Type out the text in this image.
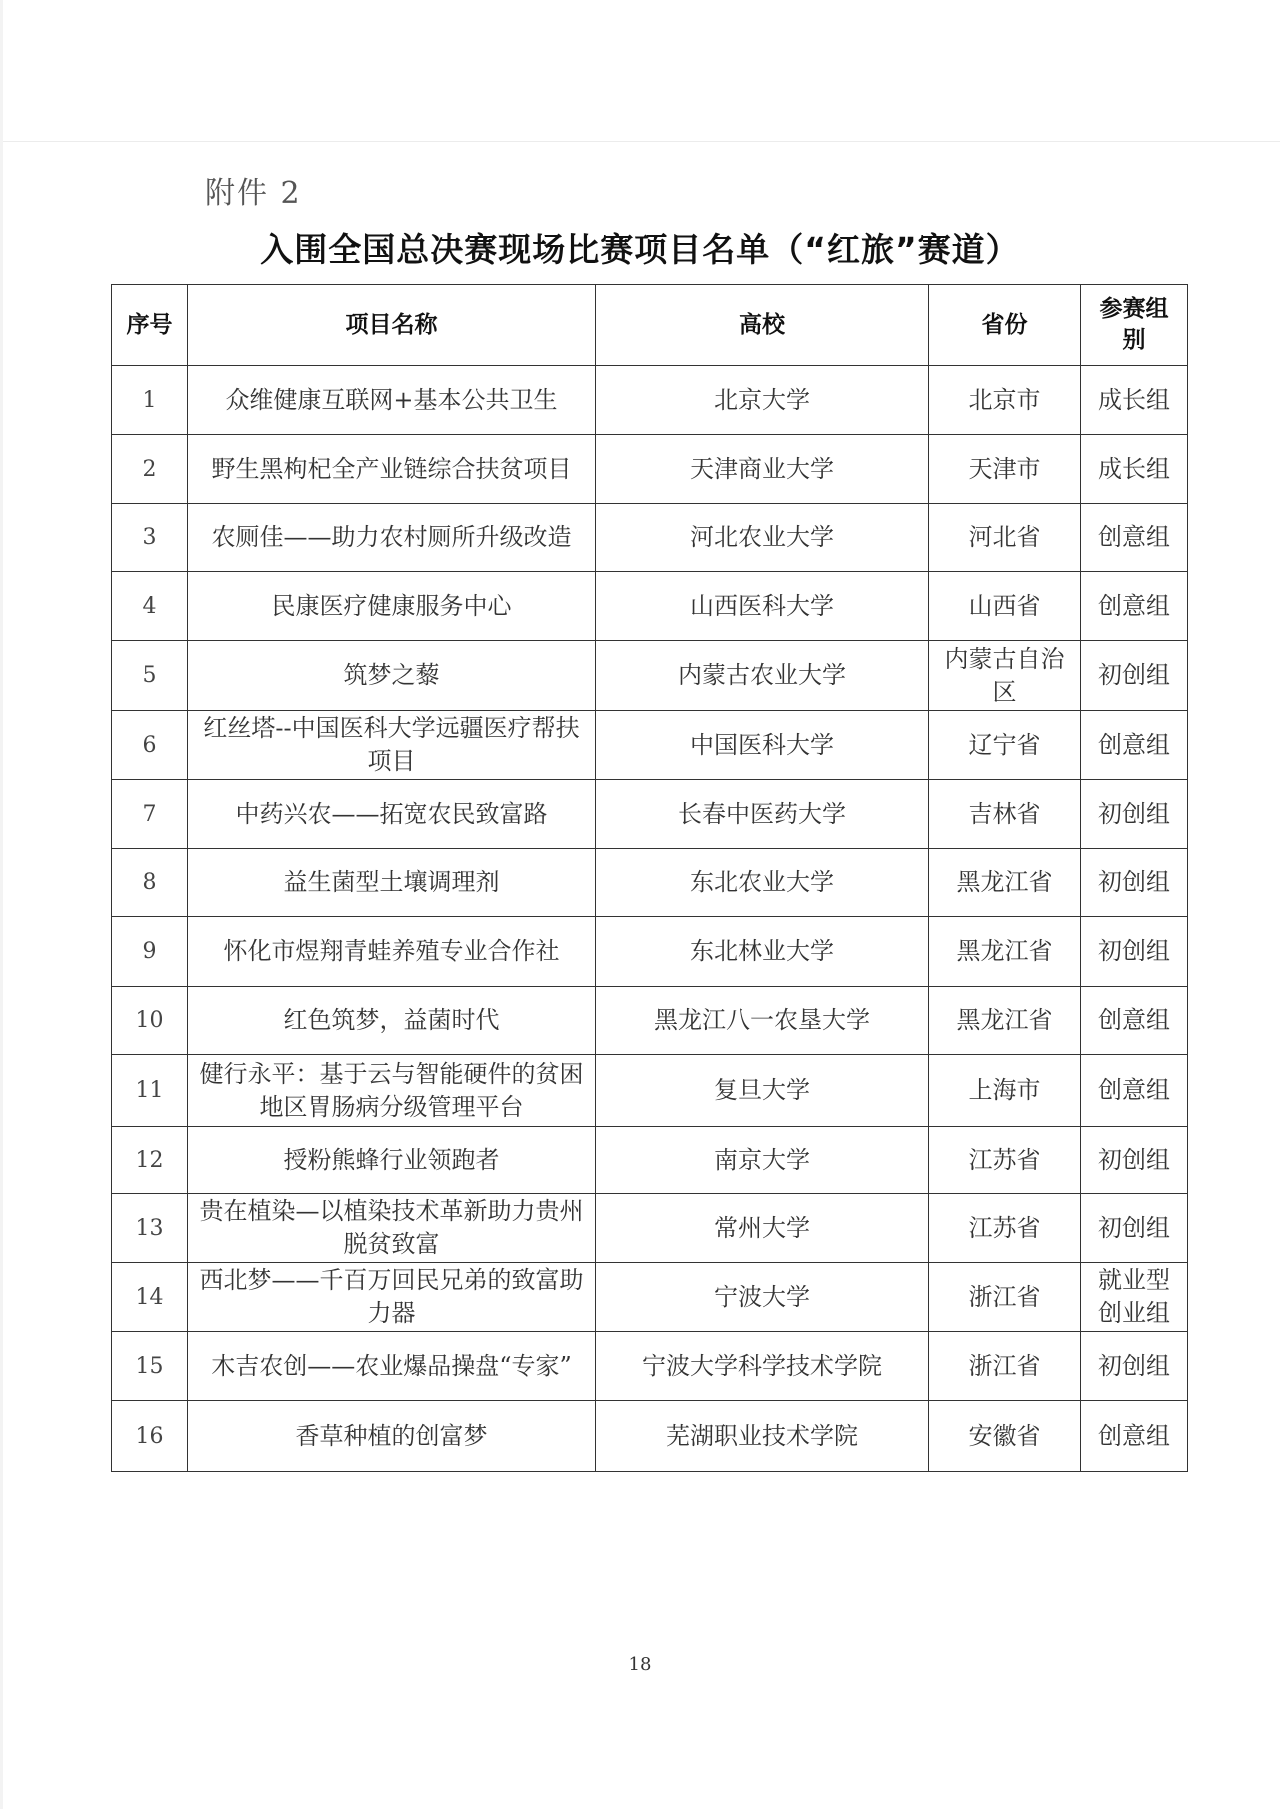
附件 2
入围全国总决赛现场比赛项目名单（“红旅”赛道）
序号	项目名称	高校	省份	参赛组别
1	众维健康互联网+基本公共卫生	北京大学	北京市	成长组
2	野生黑枸杞全产业链综合扶贫项目	天津商业大学	天津市	成长组
3	农厕佳——助力农村厕所升级改造	河北农业大学	河北省	创意组
4	民康医疗健康服务中心	山西医科大学	山西省	创意组
5	筑梦之藜	内蒙古农业大学	内蒙古自治区	初创组
6	红丝塔--中国医科大学远疆医疗帮扶项目	中国医科大学	辽宁省	创意组
7	中药兴农——拓宽农民致富路	长春中医药大学	吉林省	初创组
8	益生菌型土壤调理剂	东北农业大学	黑龙江省	初创组
9	怀化市煜翔青蛙养殖专业合作社	东北林业大学	黑龙江省	初创组
10	红色筑梦，益菌时代	黑龙江八一农垦大学	黑龙江省	创意组
11	健行永平：基于云与智能硬件的贫困地区胃肠病分级管理平台	复旦大学	上海市	创意组
12	授粉熊蜂行业领跑者	南京大学	江苏省	初创组
13	贵在植染—以植染技术革新助力贵州脱贫致富	常州大学	江苏省	初创组
14	西北梦——千百万回民兄弟的致富助力器	宁波大学	浙江省	就业型创业组
15	木吉农创——农业爆品操盘“专家”	宁波大学科学技术学院	浙江省	初创组
16	香草种植的创富梦	芜湖职业技术学院	安徽省	创意组
18
